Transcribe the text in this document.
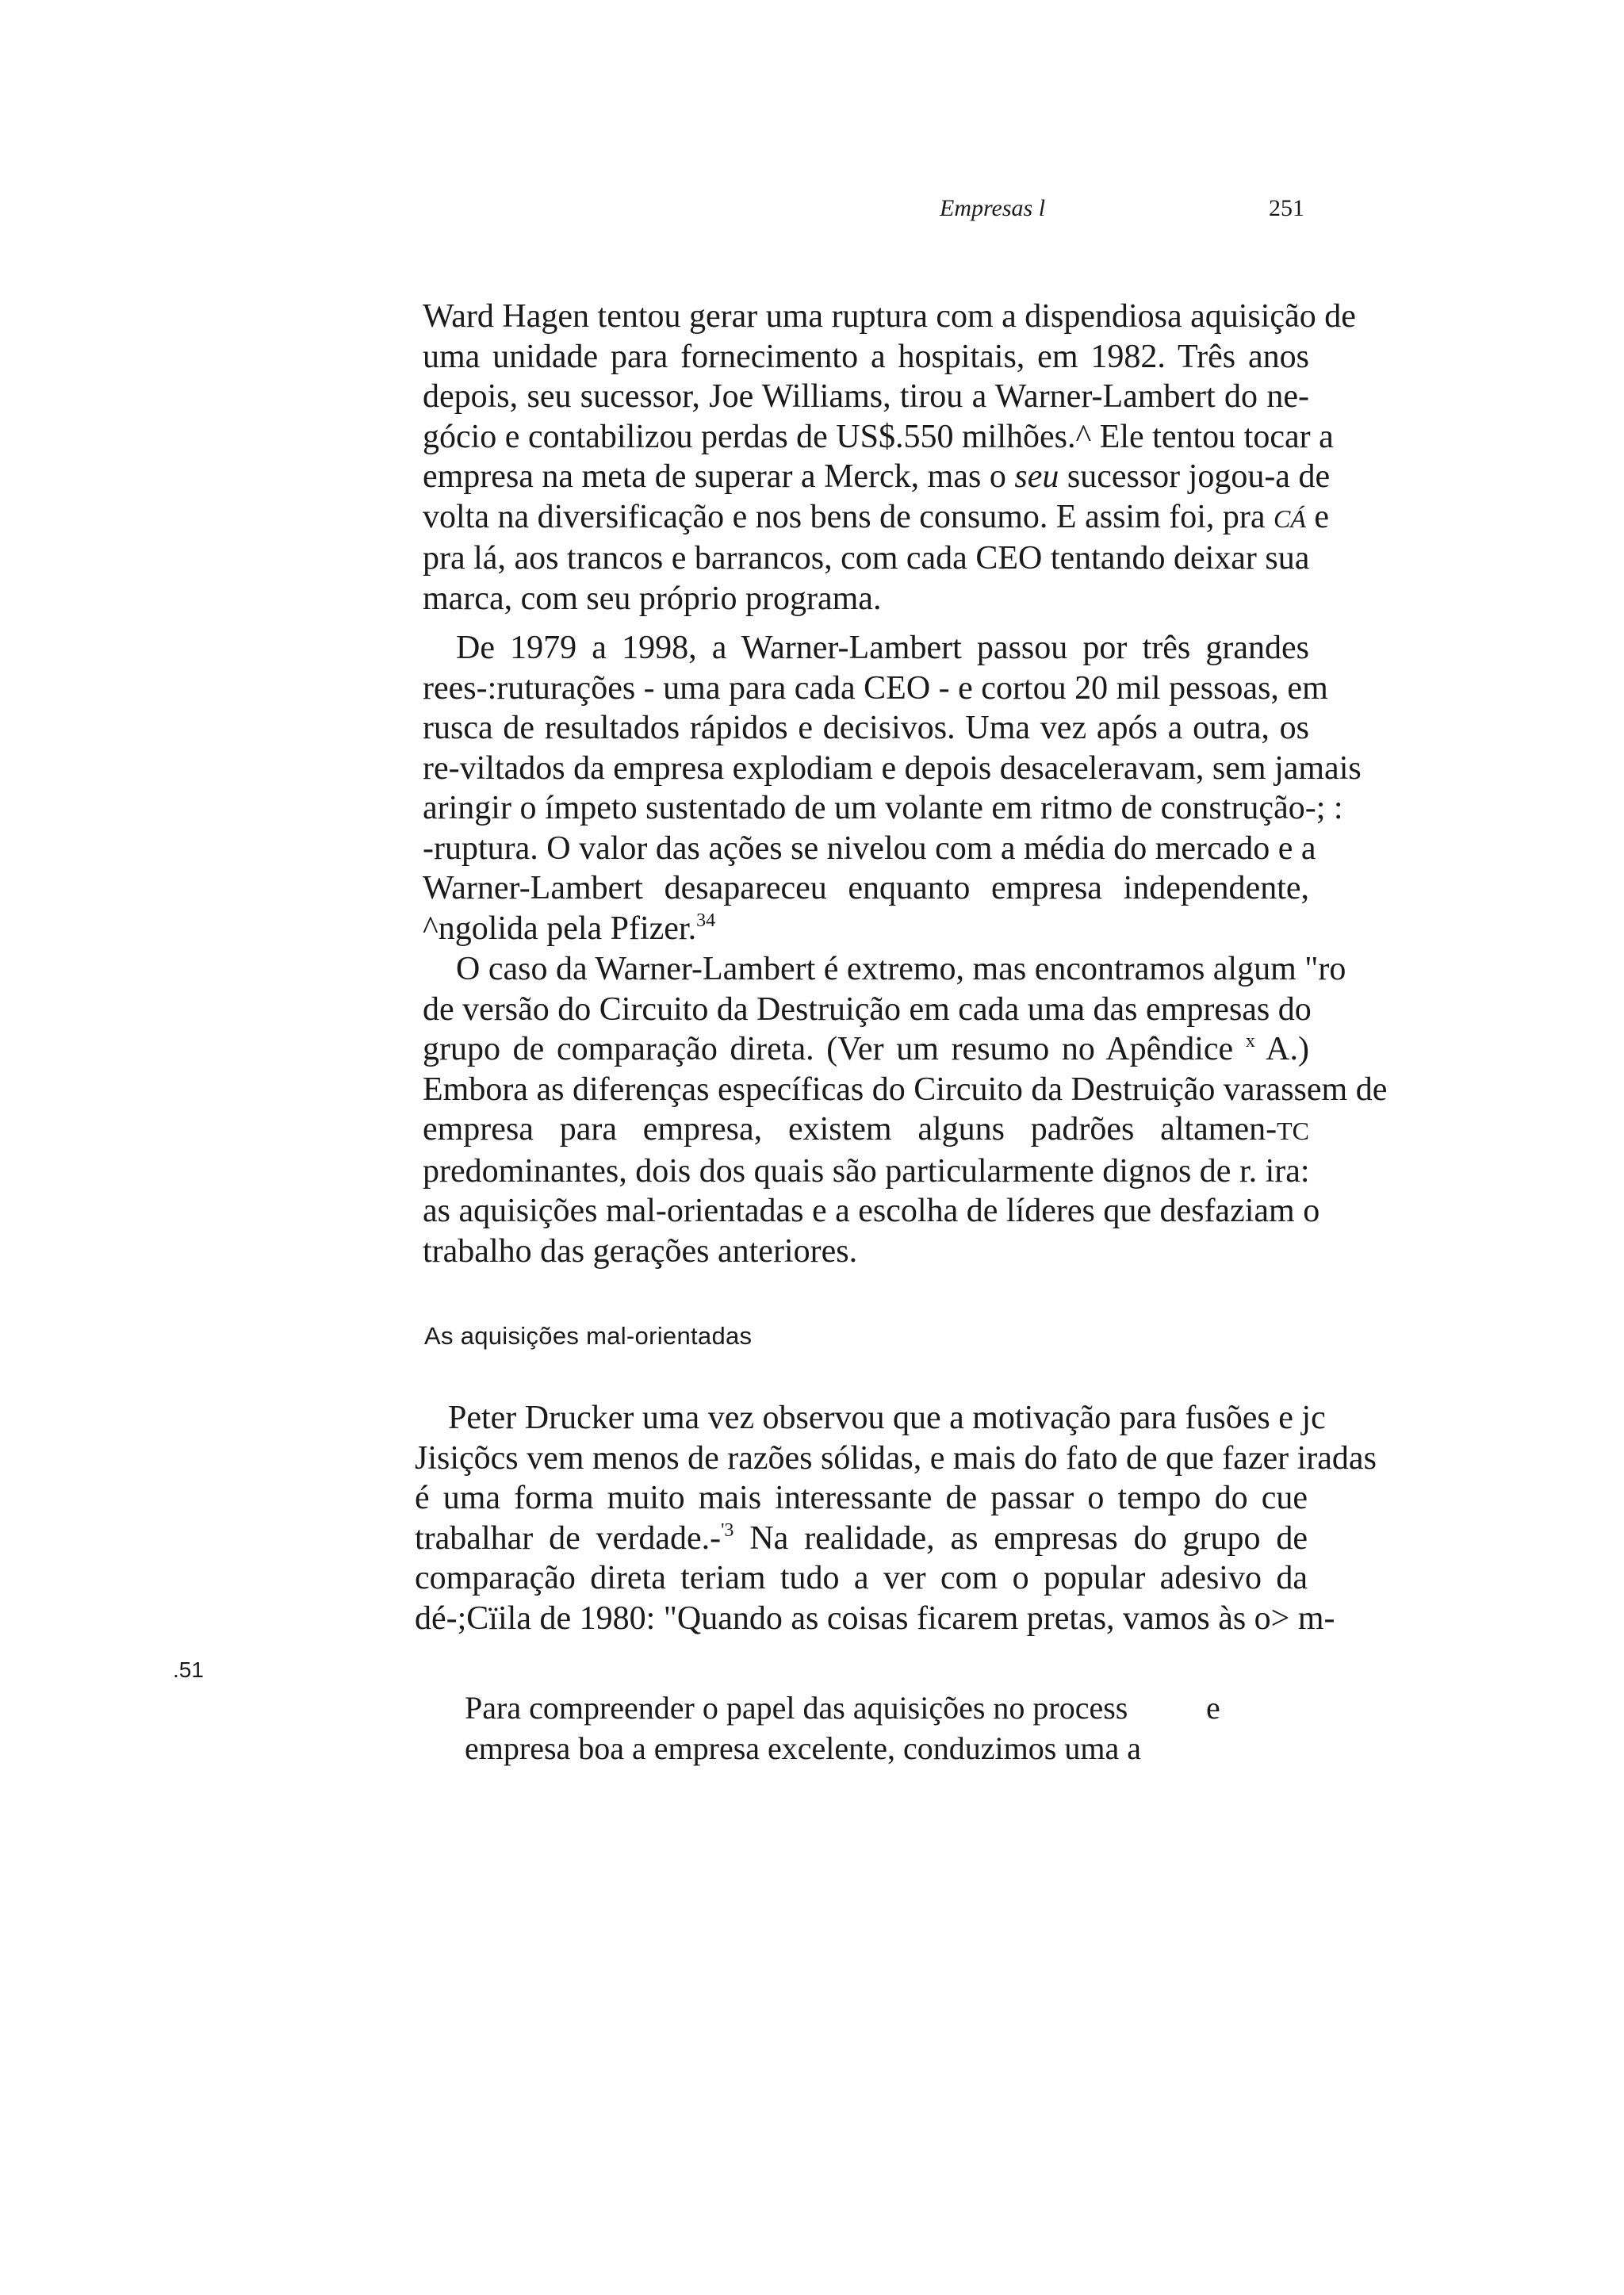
Empresas l	251
Ward Hagen tentou gerar uma ruptura com a dispendiosa aquisição de
uma unidade para fornecimento a hospitais, em 1982. Três anos
depois, seu sucessor, Joe Williams, tirou a Warner-Lambert do ne-
gócio e contabilizou perdas de US$.550 milhões.^ Ele tentou tocar a
empresa na meta de superar a Merck, mas o seu sucessor jogou-a de
volta na diversificação e nos bens de consumo. E assim foi, pra CÁ e
pra lá, aos trancos e barrancos, com cada CEO tentando deixar sua
marca, com seu próprio programa.
De 1979 a 1998, a Warner-Lambert passou por três grandes
rees-:ruturações - uma para cada CEO - e cortou 20 mil pessoas, em
rusca de resultados rápidos e decisivos. Uma vez após a outra, os
re-viltados da empresa explodiam e depois desaceleravam, sem jamais
aringir o ímpeto sustentado de um volante em ritmo de construção-; :
-ruptura. O valor das ações se nivelou com a média do mercado e a
Warner-Lambert desapareceu enquanto empresa independente,
^ngolida pela Pfizer.$^{34}$
O caso da Warner-Lambert é extremo, mas encontramos algum "ro
de versão do Circuito da Destruição em cada uma das empresas do
grupo de comparação direta. (Ver um resumo no Apêndice $^x$ A.)
Embora as diferenças específicas do Circuito da Destruição varassem de
empresa para empresa, existem alguns padrões altamen-TC
predominantes, dois dos quais são particularmente dignos de r. ira:
as aquisições mal-orientadas e a escolha de líderes que desfaziam o
trabalho das gerações anteriores.
As aquisições mal-orientadas
Peter Drucker uma vez observou que a motivação para fusões e jc
Jisiçõcs vem menos de razões sólidas, e mais do fato de que fazer iradas
é uma forma muito mais interessante de passar o tempo do cue
trabalhar de verdade.-$^{'3}$ Na realidade, as empresas do grupo de
comparação direta teriam tudo a ver com o popular adesivo da
dé-;Cïila de 1980: "Quando as coisas ficarem pretas, vamos às o> m-
.51
Para compreender o papel das aquisições no process	e
empresa boa a empresa excelente, conduzimos uma a
